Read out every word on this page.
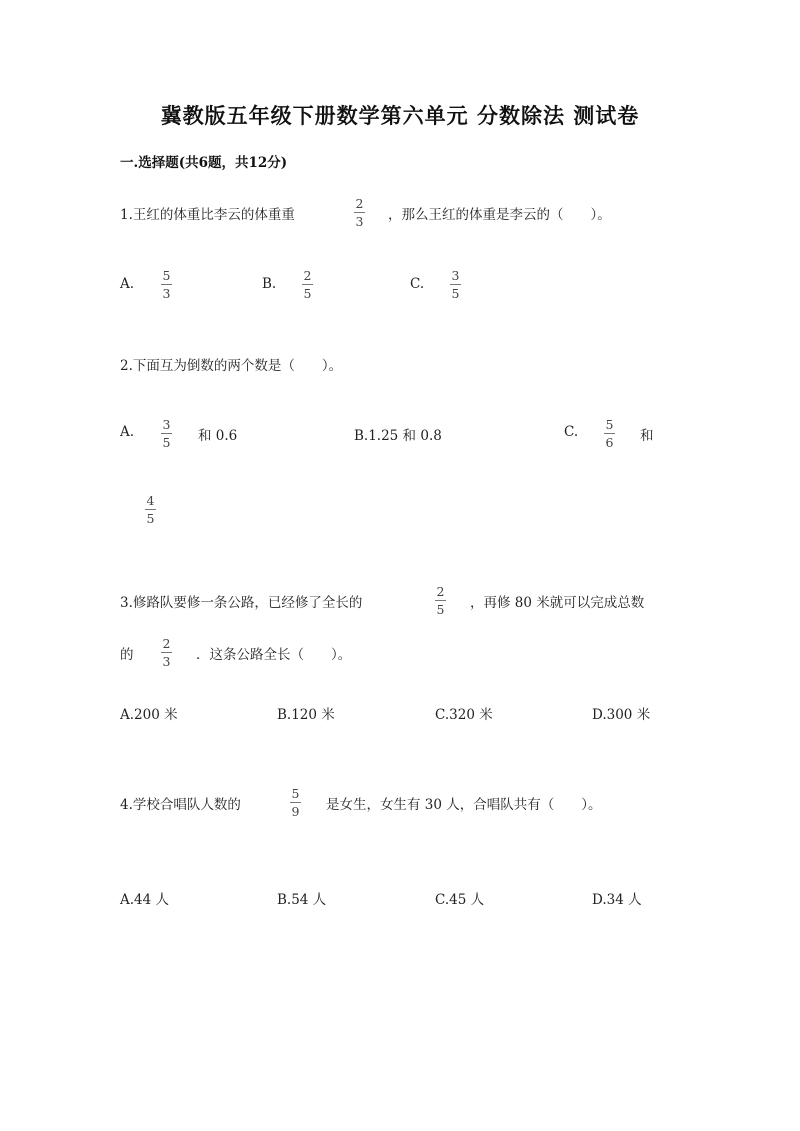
冀教版五年级下册数学第六单元 分数除法 测试卷
一.选择题(共6题，共12分)
1.王红的体重比李云的体重重
2
3 ，那么王红的体重是李云的（　　）。
A.
5
3
B.
2
5
C.
3
5
2.下面互为倒数的两个数是（　　）。
A. 3
5 和 0.6	B.1.25 和 0.8	C. 5
6 和
4
5
3.修路队要修一条公路，已经修了全长的
2
5 ，再修 80 米就可以完成总数
的
2
3 ．这条公路全长（　　）。
A.200 米	B.120 米	C.320 米	D.300 米
4.学校合唱队人数的
5
9 是女生，女生有 30 人，合唱队共有（　　）。
A.44 人	B.54 人	C.45 人	D.34 人
